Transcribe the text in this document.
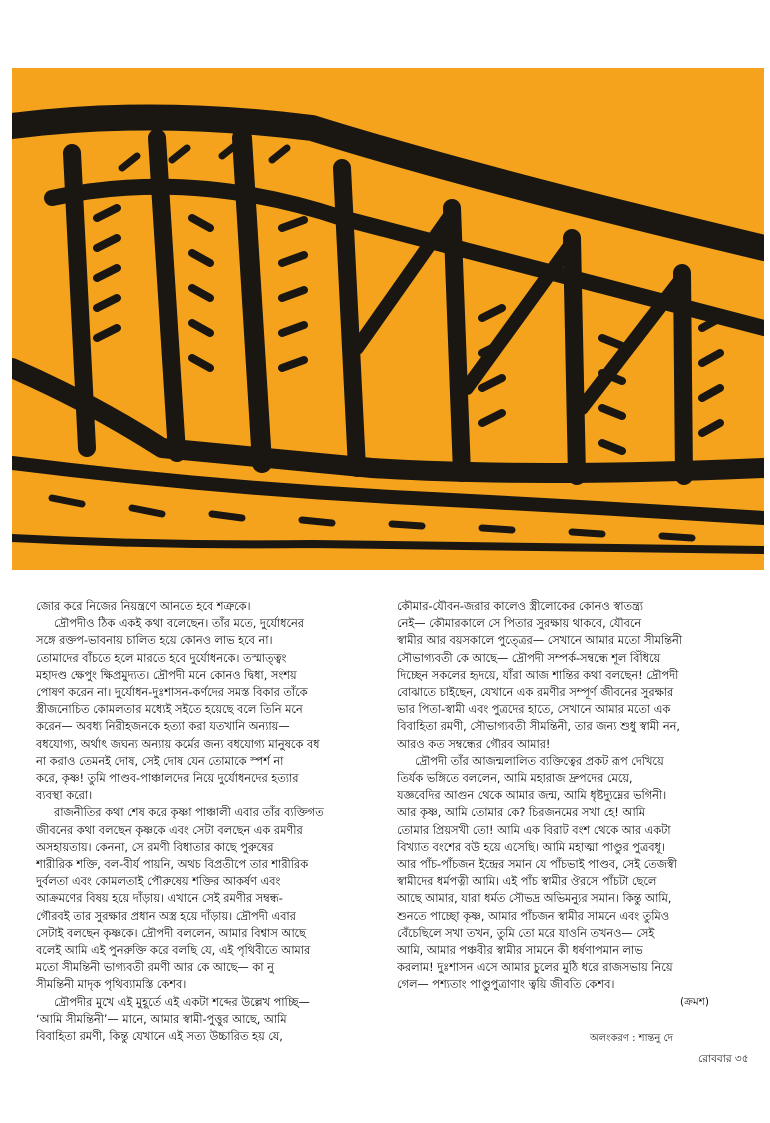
জোর করে নিজের নিয়ন্ত্রণে আনতে হবে শত্রুকে।

দ্রৌপদীও ঠিক একই কথা বলেছেন। তাঁর মতে, দুর্যোধনের

সঙ্গে রক্তপ-ভাবনায় চালিত হয়ে কোনও লাভ হবে না।

তোমাদের বাঁচতে হলে মারতে হবে দুর্যোধনকে। তস্মাত্ত্বং

মহাদণ্ড ক্ষেপুং ক্ষিপ্রমুদ্যত। দ্রৌপদী মনে কোনও দ্বিধা, সংশয়

পোষণ করেন না। দুর্যোধন-দুঃশাসন-কর্ণদের সমস্ত বিকার তাঁকে

স্ত্রীজনোচিত কোমলতার মধ্যেই সইতে হয়েছে বলে তিনি মনে

করেন— অবধ্য নিরীহজনকে হত্যা করা যতখানি অন্যায়—

বধযোগ্য, অর্থাৎ জঘন্য অন্যায় কর্মের জন্য বধযোগ্য মানুষকে বধ

না করাও তেমনই দোষ, সেই দোষ যেন তোমাকে স্পর্শ না

করে, কৃষ্ণ! তুমি পাণ্ডব-পাঞ্চালদের নিয়ে দুর্যোধনদের হত্যার

ব্যবস্থা করো।

রাজনীতির কথা শেষ করে কৃষ্ণা পাঞ্চালী এবার তাঁর ব্যক্তিগত

জীবনের কথা বলছেন কৃষ্ণকে এবং সেটা বলছেন এক রমণীর

অসহায়তায়। কেননা, সে রমণী বিধাতার কাছে পুরুষের

শারীরিক শক্তি, বল-বীর্য পায়নি, অথচ বিপ্রতীপে তার শারীরিক

দুর্বলতা এবং কোমলতাই পৌরুষেয় শক্তির আকর্ষণ এবং

আক্রমণের বিষয় হয়ে দাঁড়ায়। এখানে সেই রমণীর সম্বন্ধ-

গৌরবই তার সুরক্ষার প্রধান অস্ত্র হয়ে দাঁড়ায়। দ্রৌপদী এবার

সেটাই বলছেন কৃষ্ণকে। দ্রৌপদী বললেন, আমার বিশ্বাস আছে

বলেই আমি এই পুনরুক্তি করে বলছি যে, এই পৃথিবীতে আমার

মতো সীমন্তিনী ভাগ্যবতী রমণী আর কে আছে— কা নু

সীমন্তিনী মাদৃক পৃথিব্যামস্তি কেশব।

দ্রৌপদীর মুখে এই মুহূর্তে এই একটা শব্দের উল্লেখ পাচ্ছি—

‘আমি সীমন্তিনী’— মানে, আমার স্বামী-পুত্তুর আছে, আমি

বিবাহিতা রমণী, কিন্তু যেখানে এই সত্য উচ্চারিত হয় যে,

কৌমার-যৌবন-জরার কালেও স্ত্রীলোকের কোনও স্বাতন্ত্র্য

নেই— কৌমারকালে সে পিতার সুরক্ষায় থাকবে, যৌবনে

স্বামীর আর বয়সকালে পুত্ত্রের— সেখানে আমার মতো সীমন্তিনী

সৌভাগ্যবতী কে আছে— দ্রৌপদী সম্পর্ক-সম্বন্ধে শূল বিঁধিয়ে

দিচ্ছেন সকলের হৃদয়ে, যাঁরা আজ শান্তির কথা বলছেন! দ্রৌপদী

বোঝাতে চাইছেন, যেখানে এক রমণীর সম্পূর্ণ জীবনের সুরক্ষার

ভার পিতা-স্বামী এবং পুত্রদের হাতে, সেখানে আমার মতো এক

বিবাহিতা রমণী, সৌভাগ্যবতী সীমন্তিনী, তার জন্য শুধু স্বামী নন,

আরও কত সম্বন্ধের গৌরব আমার!

দ্রৌপদী তাঁর আজন্মলালিত ব্যক্তিত্বের প্রকট রূপ দেখিয়ে

তির্যক ভঙ্গিতে বললেন, আমি মহারাজ দ্রুপদের মেয়ে,

যজ্ঞবেদির আগুন থেকে আমার জন্ম, আমি ধৃষ্টদ্যুম্নের ভগিনী।

আর কৃষ্ণ, আমি তোমার কে? চিরজনমের সখা হে! আমি

তোমার প্রিয়সখী তো! আমি এক বিরাট বংশ থেকে আর একটা

বিখ্যাত বংশের বউ হয়ে এসেছি। আমি মহাত্মা পাণ্ডুর পুত্রবধূ।

আর পাঁচ-পাঁচজন ইন্দ্রের সমান যে পাঁচভাই পাণ্ডব, সেই তেজস্বী

স্বামীদের ধর্মপত্নী আমি। এই পাঁচ স্বামীর ঔরসে পাঁচটা ছেলে

আছে আমার, যারা ধর্মত সৌভদ্র অভিমন্যুর সমান। কিন্তু আমি,

শুনতে পাচ্ছো কৃষ্ণ, আমার পাঁচজন স্বামীর সামনে এবং তুমিও

বেঁচেছিলে সখা তখন, তুমি তো মরে যাওনি তখনও— সেই

আমি, আমার পঞ্চবীর স্বামীর সামনে কী ধর্ষণাপমান লাভ

করলাম! দুঃশাসন এসে আমার চুলের মুঠি ধরে রাজসভায় নিয়ে

গেল— পশ্যতাং পাণ্ডুপুত্রাণাং ত্বয়ি জীবতি কেশব।

(ক্রমশ)
অলংকরণ : শান্তনু দে
রোববার ৩৫
